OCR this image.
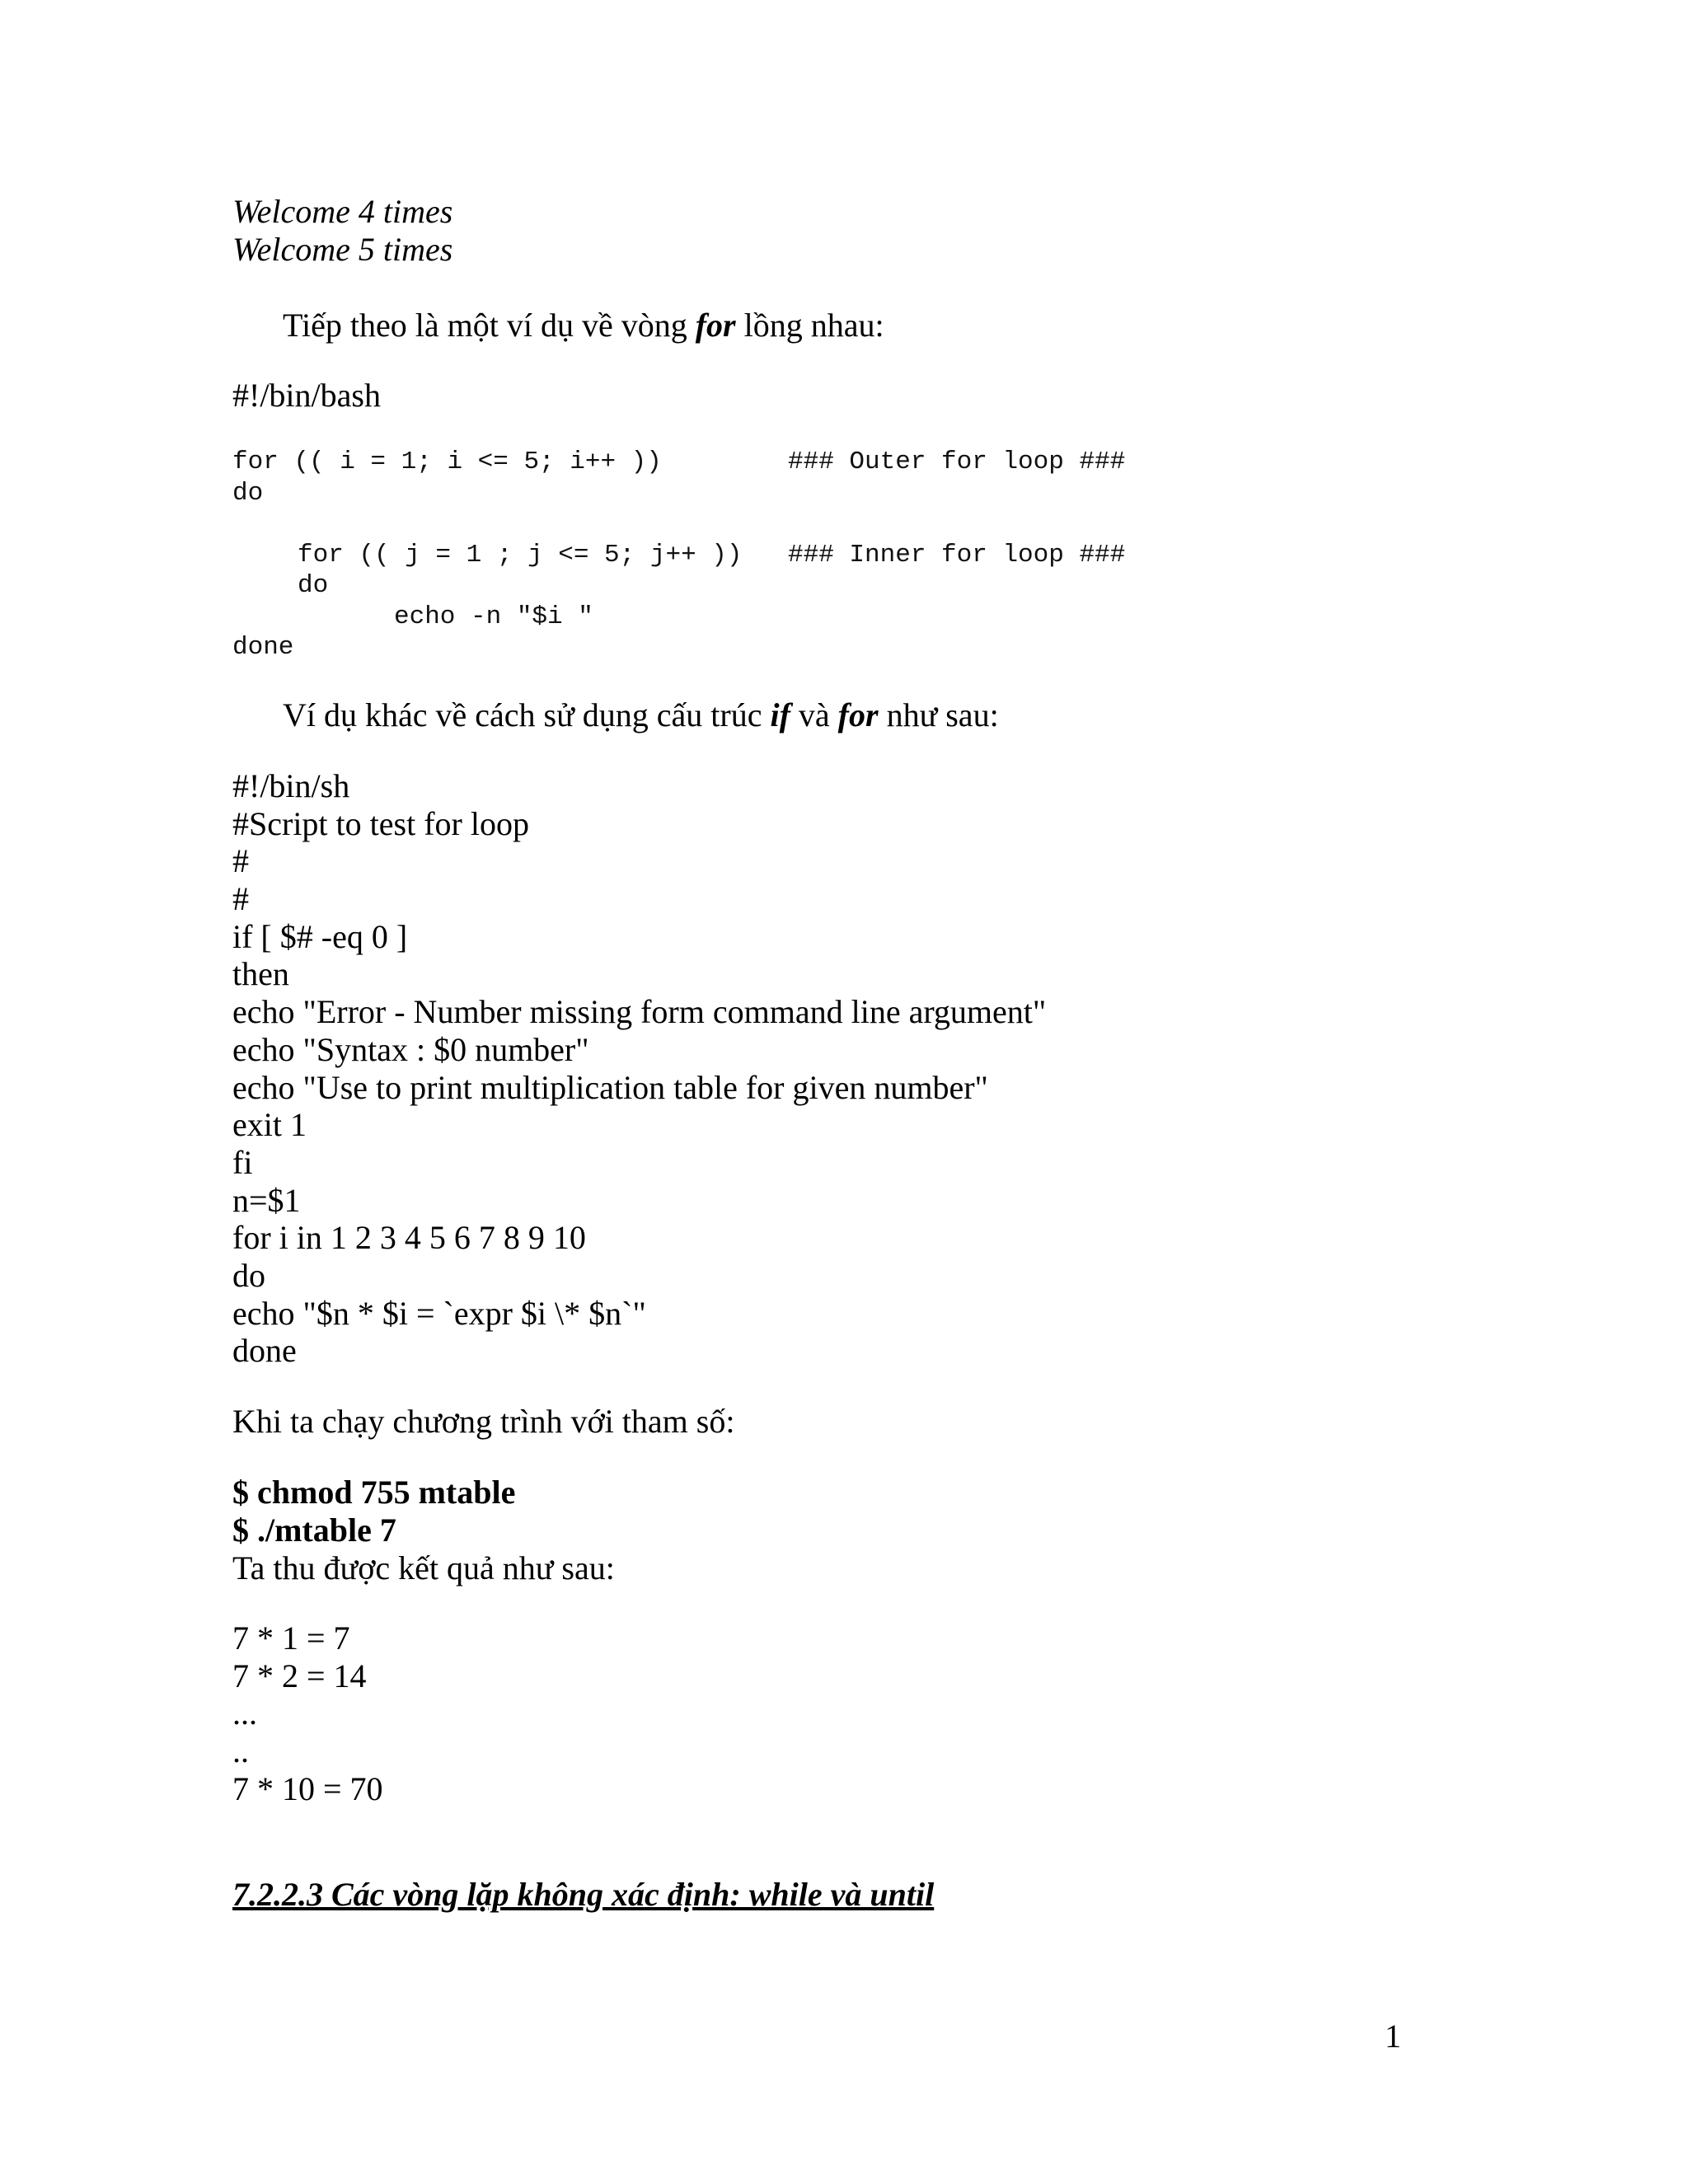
Welcome 4 times
Welcome 5 times
Tiếp theo là một ví dụ về vòng for lồng nhau:
#!/bin/bash
for (( i = 1; i <= 5; i++ ))	### Outer for loop ###
do
for (( j = 1 ; j <= 5; j++ )) ### Inner for loop ###
do
echo -n "$i "
done
Ví dụ khác về cách sử dụng cấu trúc if và for như sau:
#!/bin/sh
#Script to test for loop
#
#
if [ $# -eq 0 ]
then
echo "Error - Number missing form command line argument"
echo "Syntax : $0 number"
echo "Use to print multiplication table for given number"
exit 1
fi
n=$1
for i in 1 2 3 4 5 6 7 8 9 10
do
echo "$n * $i = `expr $i \* $n`"
done
Khi ta chạy chương trình với tham số:
$ chmod 755 mtable
$ ./mtable 7
Ta thu được kết quả như sau:
7 * 1 = 7
7 * 2 = 14
...
..
7 * 10 = 70
7.2.2.3 Các vòng lặp không xác định: while và until
1
